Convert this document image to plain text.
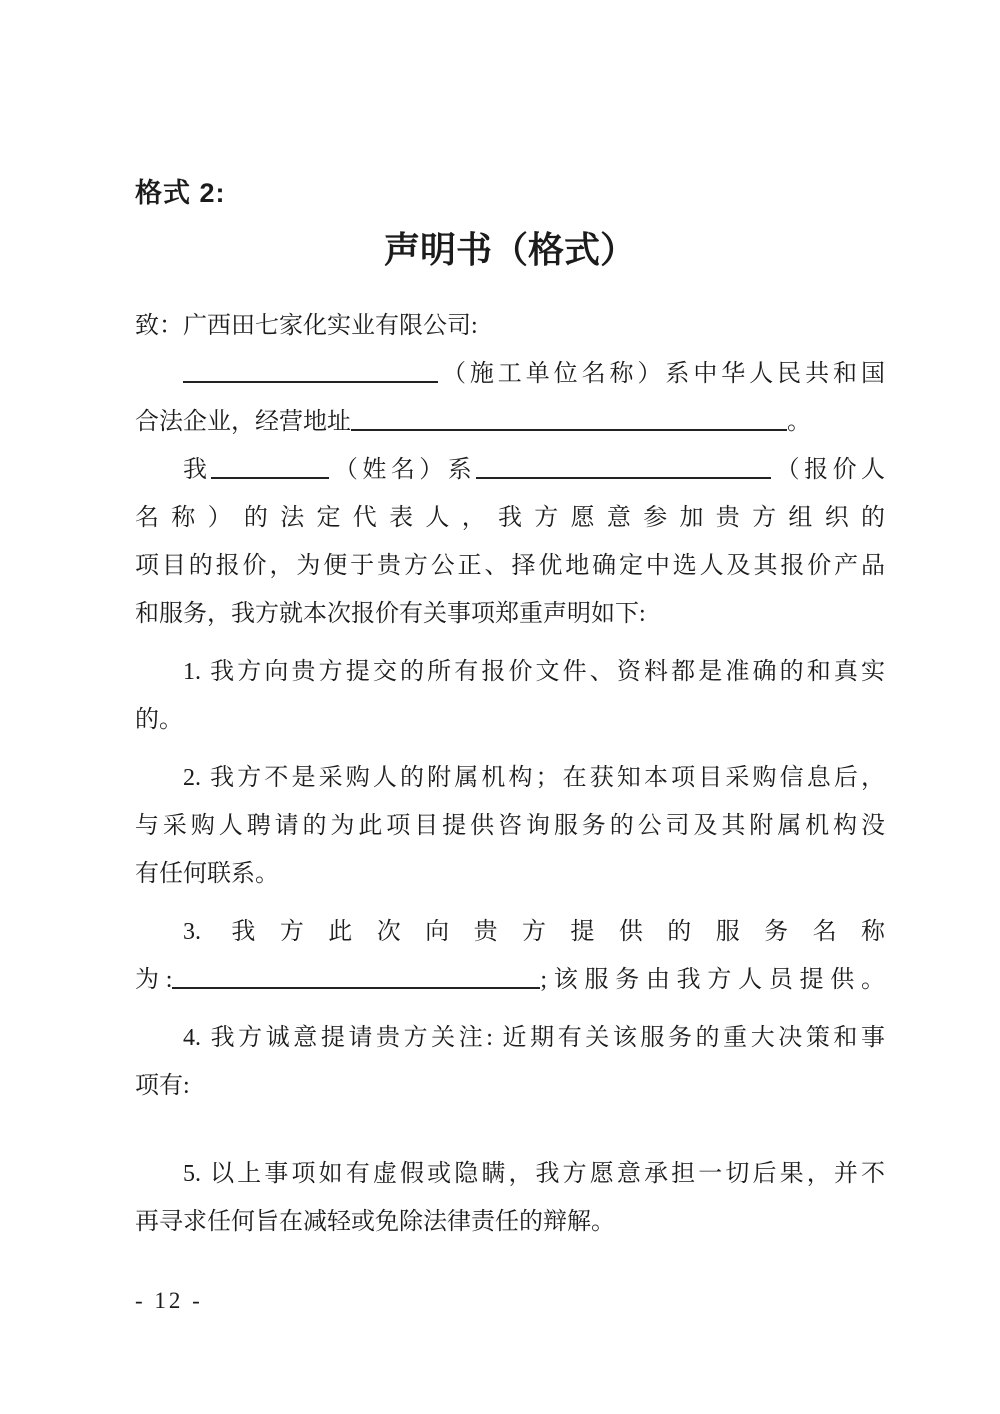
格式 2:
声明书（格式）
致：广西田七家化实业有限公司:
（施工单位名称）系中华人民共和国
合法企业，经营地址	。
我	（姓名）系	（报价人
名称）的法定代表人，我方愿意参加贵方组织的
项目的报价，为便于贵方公正、择优地确定中选人及其报价产品
和服务，我方就本次报价有关事项郑重声明如下:
1. 我方向贵方提交的所有报价文件、资料都是准确的和真实
的。
2. 我方不是采购人的附属机构；在获知本项目采购信息后，
与采购人聘请的为此项目提供咨询服务的公司及其附属机构没
有任何联系。
3. 我方此次向贵方提供的服务名称
为:	;该服务由我方人员提供。
4. 我方诚意提请贵方关注: 近期有关该服务的重大决策和事
项有:
5. 以上事项如有虚假或隐瞒，我方愿意承担一切后果，并不
再寻求任何旨在减轻或免除法律责任的辩解。
- 12 -
